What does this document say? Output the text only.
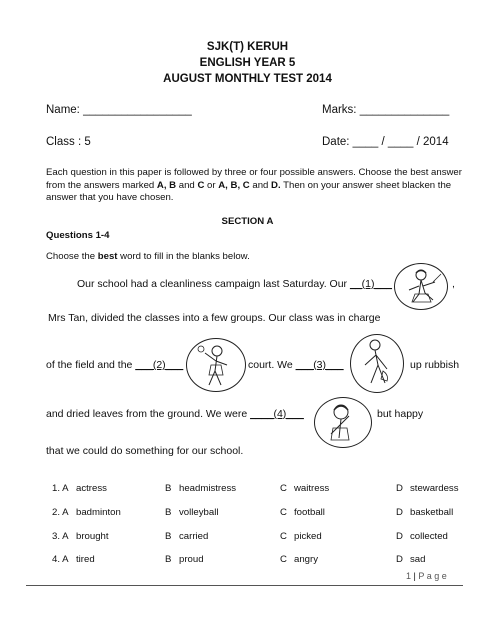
SJK(T) KERUH
ENGLISH YEAR 5
AUGUST MONTHLY TEST 2014
Name: _________________	Marks: ______________
Class : 5	Date: ____ / ____ / 2014
Each question in this paper is followed by three or four possible answers. Choose the best answer from the answers marked A, B and C or A, B, C and D. Then on your answer sheet blacken the answer that you have chosen.
SECTION A
Questions 1-4
Choose the best word to fill in the blanks below.
Our school had a cleanliness campaign last Saturday. Our __(1)___	,
Mrs Tan, divided the classes into a few groups. Our class was in charge
of the field and the ___(2)___	court. We ___(3)___	up rubbish
and dried leaves from the ground. We were ____(4)___	but happy
that we could do something for our school.
1. A actress	B headmistress	C waitress	D stewardess
2. A badminton	B volleyball	C football	D basketball
3. A brought	B carried	C picked	D collected
4. A tired	B proud	C angry	D sad
1 | P a g e
